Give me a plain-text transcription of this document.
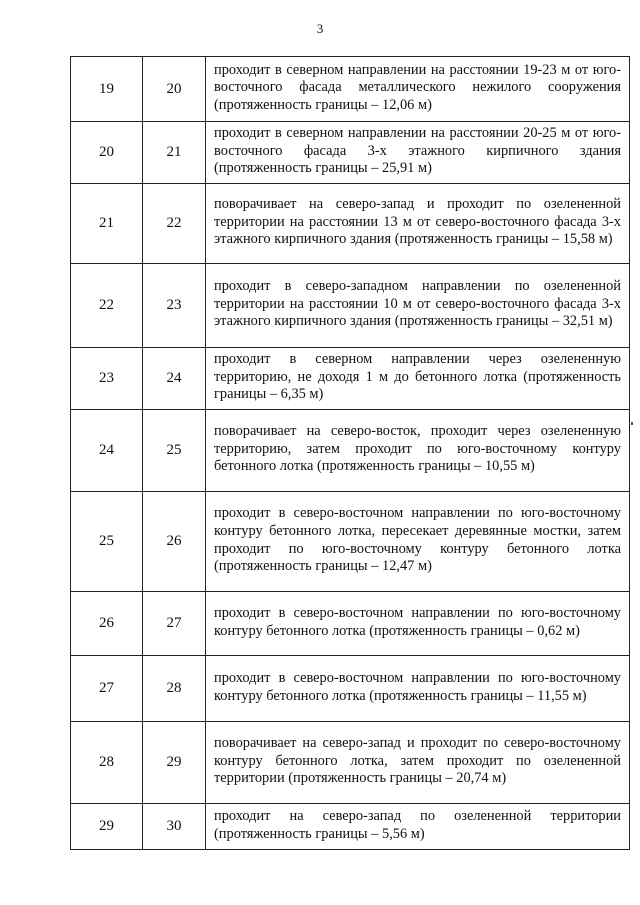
3
19	20	проходит в северном направлении на расстоянии 19-23 м от юго-восточного фасада металлического нежилого сооружения (протяженность границы – 12,06 м)
20	21	проходит в северном направлении на расстоянии 20-25 м от юго-восточного фасада 3-х этажного кирпичного здания (протяженность границы – 25,91 м)
21	22	поворачивает на северо-запад и проходит по озелененной территории на расстоянии 13 м от северо-восточного фасада 3-х этажного кирпичного здания (протяженность границы – 15,58 м)
22	23	проходит в северо-западном направлении по озелененной территории на расстоянии 10 м от северо-восточного фасада 3-х этажного кирпичного здания (протяженность границы – 32,51 м)
23	24	проходит в северном направлении через озелененную территорию, не доходя 1 м до бетонного лотка (протяженность границы – 6,35 м)
24	25	поворачивает на северо-восток, проходит через озелененную территорию, затем проходит по юго-восточному контуру бетонного лотка (протяженность границы – 10,55 м)
25	26	проходит в северо-восточном направлении по юго-восточному контуру бетонного лотка, пересекает деревянные мостки, затем проходит по юго-восточному контуру бетонного лотка (протяженность границы – 12,47 м)
26	27	проходит в северо-восточном направлении по юго-восточному контуру бетонного лотка (протяженность границы – 0,62 м)
27	28	проходит в северо-восточном направлении по юго-восточному контуру бетонного лотка (протяженность границы – 11,55 м)
28	29	поворачивает на северо-запад и проходит по северо-восточному контуру бетонного лотка, затем проходит по озелененной территории (протяженность границы – 20,74 м)
29	30	проходит на северо-запад по озелененной территории (протяженность границы – 5,56 м)
